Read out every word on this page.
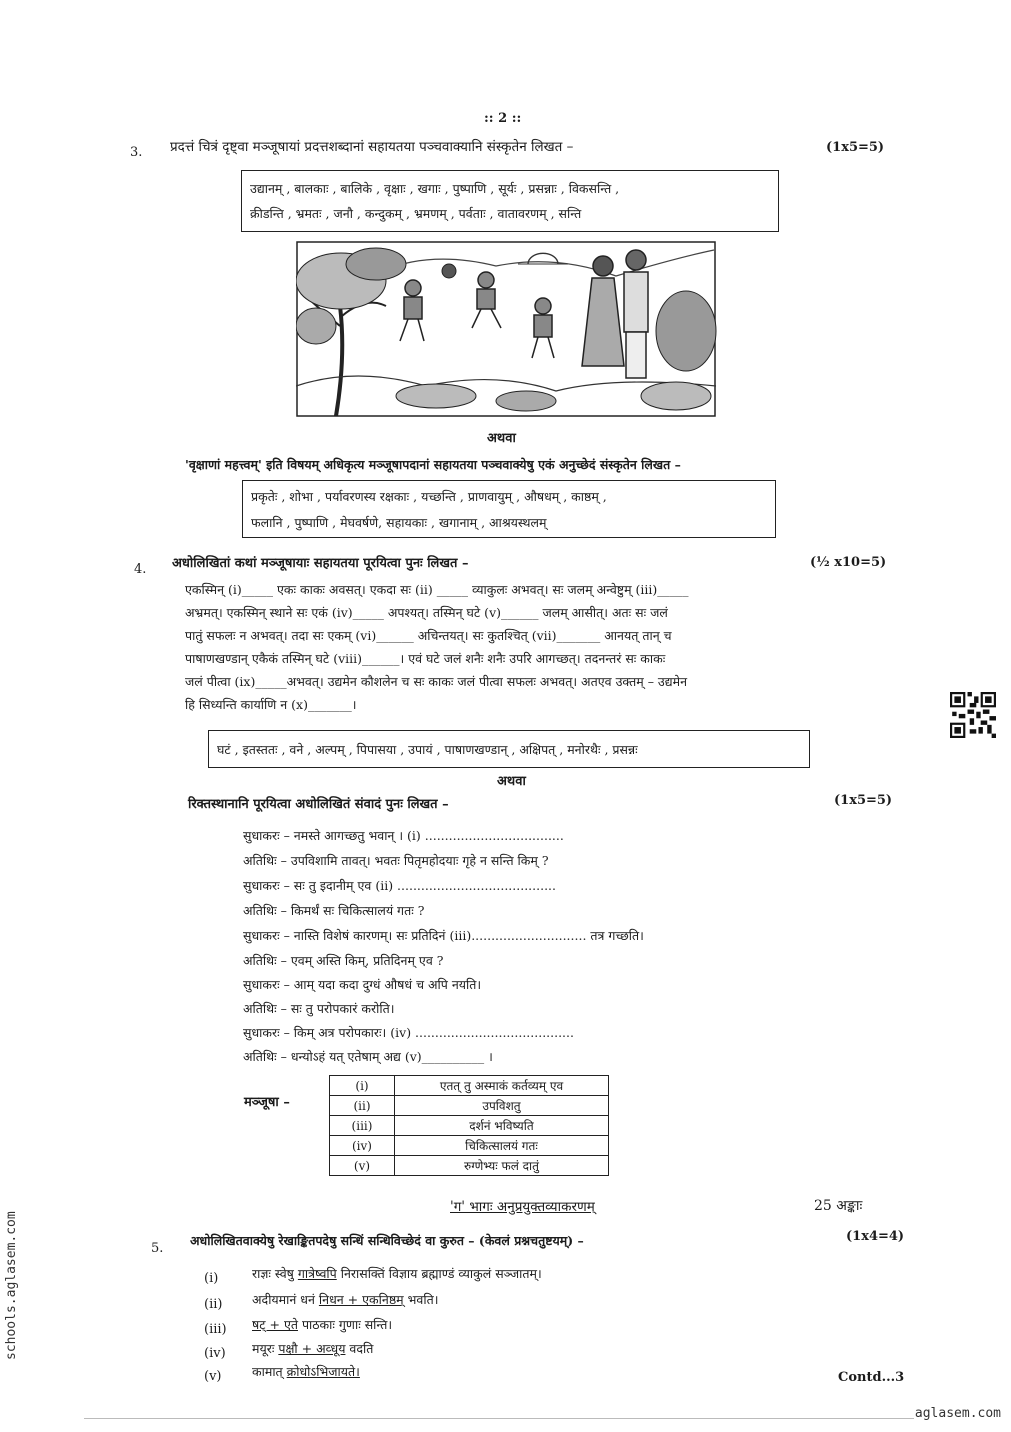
:: 2 ::
3. प्रदत्तं चित्रं दृष्ट्वा मञ्जूषायां प्रदत्तशब्दानां सहायतया पञ्चवाक्यानि संस्कृतेन लिखत –	(1x5=5)
उद्यानम् , बालकाः , बालिके , वृक्षाः , खगाः , पुष्पाणि , सूर्यः , प्रसन्नाः , विकसन्ति ,
क्रीडन्ति , भ्रमतः , जनौ , कन्दुकम् , भ्रमणम् , पर्वताः , वातावरणम् , सन्ति
अथवा
'वृक्षाणां महत्त्वम्' इति विषयम् अधिकृत्य मञ्जूषापदानां सहायतया पञ्चवाक्येषु एकं अनुच्छेदं संस्कृतेन लिखत –
प्रकृतेः , शोभा , पर्यावरणस्य रक्षकाः , यच्छन्ति , प्राणवायुम् , औषधम् , काष्ठम् ,
फलानि , पुष्पाणि , मेघवर्षणे, सहायकाः , खगानाम् , आश्रयस्थलम्
4. अधोलिखितां कथां मञ्जूषायाः सहायतया पूरयित्वा पुनः लिखत –	(½ x10=5)
एकस्मिन् (i)_____ एकः काकः अवसत्। एकदा सः (ii) _____ व्याकुलः अभवत्। सः जलम् अन्वेष्टुम् (iii)_____
अभ्रमत्। एकस्मिन् स्थाने सः एकं (iv)_____ अपश्यत्। तस्मिन् घटे (v)______ जलम् आसीत्। अतः सः जलं
पातुं सफलः न अभवत्। तदा सः एकम् (vi)______ अचिन्तयत्। सः कुतश्चित् (vii)_______ आनयत् तान् च
पाषाणखण्डान् एकैकं तस्मिन् घटे (viii)______। एवं घटे जलं शनैः शनैः उपरि आगच्छत्। तदनन्तरं सः काकः
जलं पीत्वा (ix)_____अभवत्। उद्यमेन कौशलेन च सः काकः जलं पीत्वा सफलः अभवत्। अतएव उक्तम् – उद्यमेन
हि सिध्यन्ति कार्याणि न (x)_______।
घटं , इतस्ततः , वने , अल्पम् , पिपासया , उपायं , पाषाणखण्डान् , अक्षिपत् , मनोरथैः , प्रसन्नः
अथवा
रिक्तस्थानानि पूरयित्वा अधोलिखितं संवादं पुनः लिखत –	(1x5=5)
सुधाकरः – नमस्ते आगच्छतु भवान् । (i) ...................................
अतिथिः – उपविशामि तावत्। भवतः पितृमहोदयाः गृहे न सन्ति किम् ?
सुधाकरः – सः तु इदानीम् एव (ii) ........................................
अतिथिः – किमर्थं सः चिकित्सालयं गतः ?
सुधाकरः – नास्ति विशेषं कारणम्। सः प्रतिदिनं (iii)............................. तत्र गच्छति।
अतिथिः – एवम् अस्ति किम्, प्रतिदिनम् एव ?
सुधाकरः – आम् यदा कदा दुग्धं औषधं च अपि नयति।
अतिथिः – सः तु परोपकारं करोति।
सुधाकरः – किम् अत्र परोपकारः। (iv) ........................................
अतिथिः – धन्योऽहं यत् एतेषाम् अद्य (v)__________ ।
मञ्जूषा –
(i)	एतत् तु अस्माकं कर्तव्यम् एव
(ii)	उपविशतु
(iii)	दर्शनं भविष्यति
(iv)	चिकित्सालयं गतः
(v)	रुग्णेभ्यः फलं दातुं
'ग' भागः अनुप्रयुक्तव्याकरणम्	25 अङ्काः
5.
अधोलिखितवाक्येषु रेखाङ्कितपदेषु सन्धिं सन्धिविच्छेदं वा कुरुत – (केवलं प्रश्नचतुष्टयम्) –	(1x4=4)
(i)	राज्ञः स्वेषु गात्रेष्वपि निरासक्तिं विज्ञाय ब्रह्माण्डं व्याकुलं सञ्जातम्।
(ii) अदीयमानं धनं निधन + एकनिष्ठम् भवति।
(iii) षट् + एते पाठकाः गुणाः सन्ति।
(iv) मयूरः पक्षौ + अव्धूय वदति
(v) कामात् क्रोधोऽभिजायते।	Contd...3
schools.aglasem.com
aglasem.com
